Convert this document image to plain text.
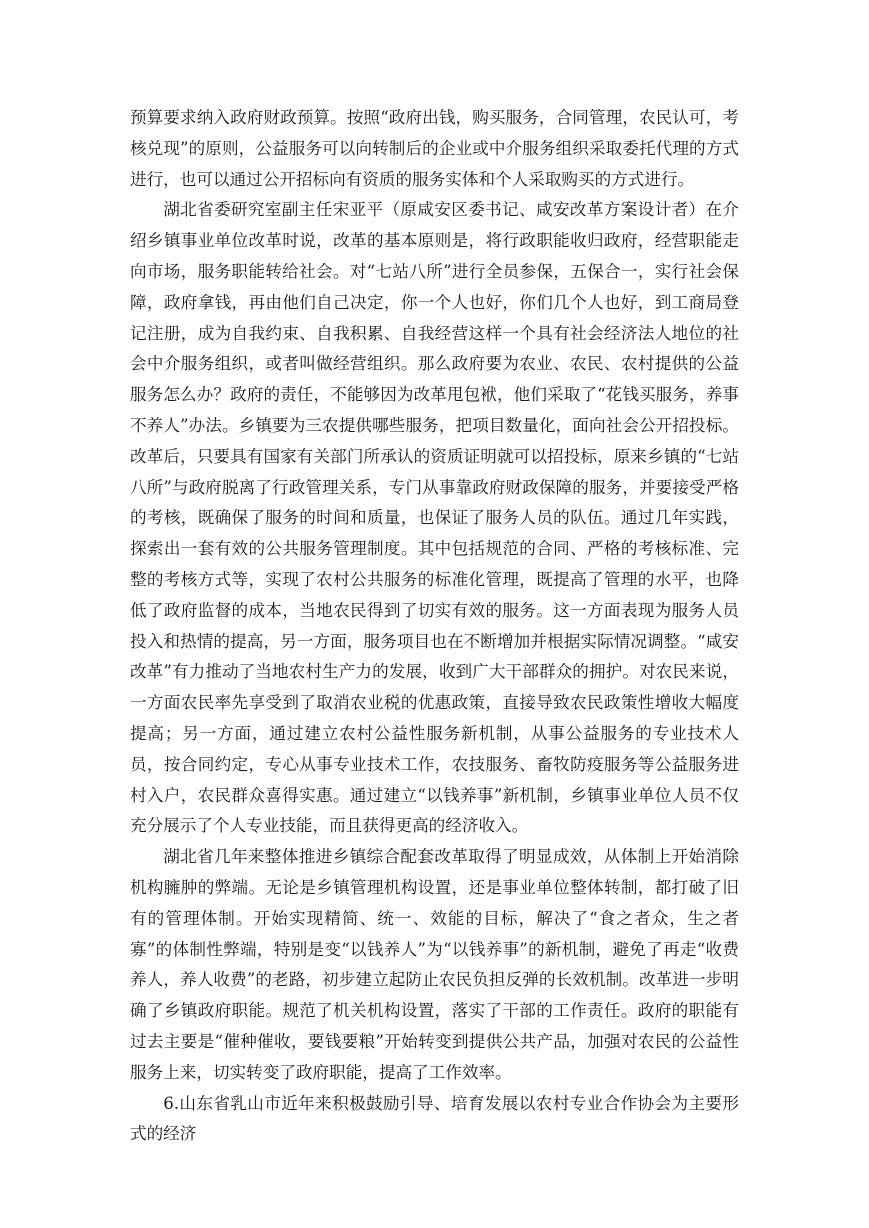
预算要求纳入政府财政预算。按照“政府出钱，购买服务，合同管理，农民认可，考核兑现”的原则，公益服务可以向转制后的企业或中介服务组织采取委托代理的方式进行，也可以通过公开招标向有资质的服务实体和个人采取购买的方式进行。

湖北省委研究室副主任宋亚平（原咸安区委书记、咸安改革方案设计者）在介绍乡镇事业单位改革时说，改革的基本原则是，将行政职能收归政府，经营职能走向市场，服务职能转给社会。对“七站八所”进行全员参保，五保合一，实行社会保障，政府拿钱，再由他们自己决定，你一个人也好，你们几个人也好，到工商局登记注册，成为自我约束、自我积累、自我经营这样一个具有社会经济法人地位的社会中介服务组织，或者叫做经营组织。那么政府要为农业、农民、农村提供的公益服务怎么办？政府的责任，不能够因为改革甩包袱，他们采取了“花钱买服务，养事不养人”办法。乡镇要为三农提供哪些服务，把项目数量化，面向社会公开招投标。改革后，只要具有国家有关部门所承认的资质证明就可以招投标，原来乡镇的“七站八所”与政府脱离了行政管理关系，专门从事靠政府财政保障的服务，并要接受严格的考核，既确保了服务的时间和质量，也保证了服务人员的队伍。通过几年实践，探索出一套有效的公共服务管理制度。其中包括规范的合同、严格的考核标准、完整的考核方式等，实现了农村公共服务的标准化管理，既提高了管理的水平，也降低了政府监督的成本，当地农民得到了切实有效的服务。这一方面表现为服务人员投入和热情的提高，另一方面，服务项目也在不断增加并根据实际情况调整。“咸安改革”有力推动了当地农村生产力的发展，收到广大干部群众的拥护。对农民来说，一方面农民率先享受到了取消农业税的优惠政策，直接导致农民政策性增收大幅度提高；另一方面，通过建立农村公益性服务新机制，从事公益服务的专业技术人员，按合同约定，专心从事专业技术工作，农技服务、畜牧防疫服务等公益服务进村入户，农民群众喜得实惠。通过建立“以钱养事”新机制，乡镇事业单位人员不仅充分展示了个人专业技能，而且获得更高的经济收入。

湖北省几年来整体推进乡镇综合配套改革取得了明显成效，从体制上开始消除机构臃肿的弊端。无论是乡镇管理机构设置，还是事业单位整体转制，都打破了旧有的管理体制。开始实现精简、统一、效能的目标，解决了“食之者众，生之者寡”的体制性弊端，特别是变“以钱养人”为“以钱养事”的新机制，避免了再走“收费养人，养人收费”的老路，初步建立起防止农民负担反弹的长效机制。改革进一步明确了乡镇政府职能。规范了机关机构设置，落实了干部的工作责任。政府的职能有过去主要是“催种催收，要钱要粮”开始转变到提供公共产品，加强对农民的公益性服务上来，切实转变了政府职能，提高了工作效率。

6.山东省乳山市近年来积极鼓励引导、培育发展以农村专业合作协会为主要形式的经济
